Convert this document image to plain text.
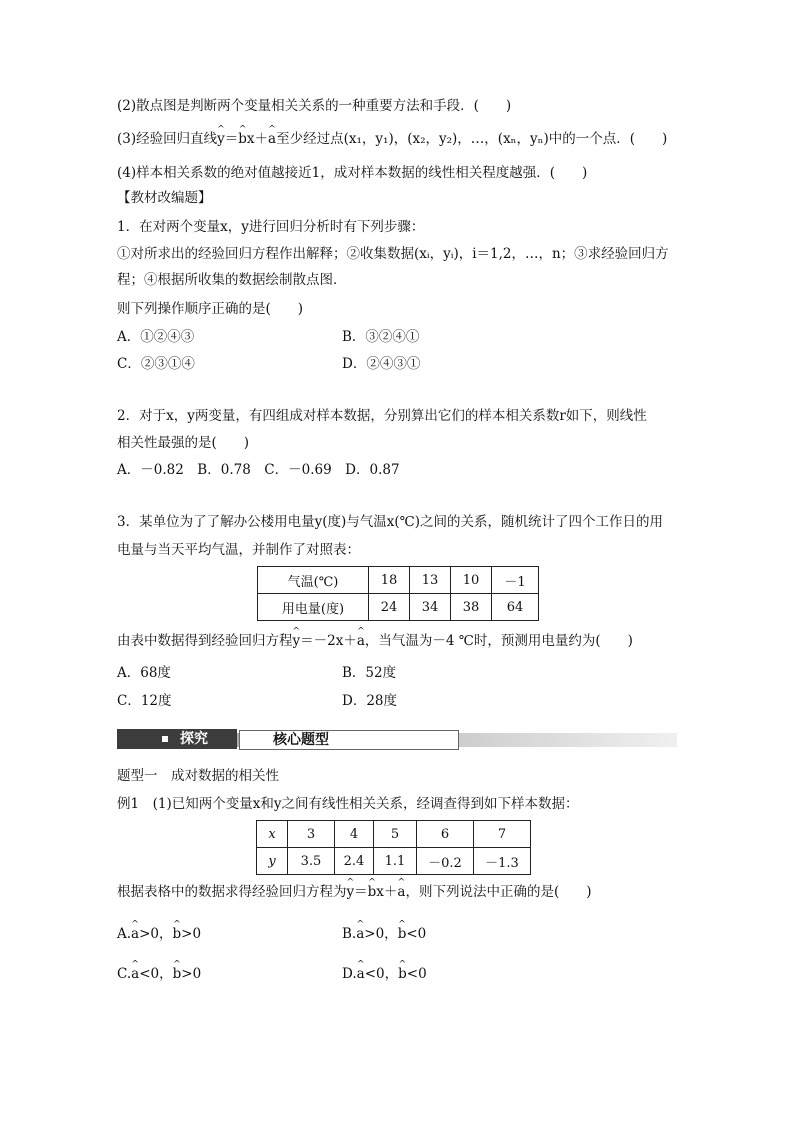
(2)散点图是判断两个变量相关关系的一种重要方法和手段．(　　)
(3)经验回归直线^ y＝^ bx＋^ a至少经过点(x₁，y₁)，(x₂，y₂)，…，(xₙ，yₙ)中的一个点．(　　)
(4)样本相关系数的绝对值越接近1，成对样本数据的线性相关程度越强．(　　)
【教材改编题】
1．在对两个变量x，y进行回归分析时有下列步骤：
①对所求出的经验回归方程作出解释；②收集数据(xᵢ，yᵢ)，i＝1,2，…，n；③求经验回归方
程；④根据所收集的数据绘制散点图．
则下列操作顺序正确的是(　　)
A．①②④③	B．③②④①
C．②③①④	D．②④③①
2．对于x，y两变量，有四组成对样本数据，分别算出它们的样本相关系数r如下，则线性
相关性最强的是(　　)
A．－0.82　B．0.78　C．－0.69　D．0.87
3．某单位为了了解办公楼用电量y(度)与气温x(℃)之间的关系，随机统计了四个工作日的用
电量与当天平均气温，并制作了对照表：
气温(℃)	18	13	10	－1
用电量(度)	24	34	38	64
由表中数据得到经验回归方程^ y＝－2x＋^ a，当气温为－4 ℃时，预测用电量约为(　　)
A．68度	B．52度
C．12度	D．28度
探究	核心题型
题型一　成对数据的相关性
例1　(1)已知两个变量x和y之间有线性相关关系，经调查得到如下样本数据：
x	3	4	5	6	7
y	3.5	2.4	1.1	－0.2	－1.3
根据表格中的数据求得经验回归方程为^ y＝^ bx＋^ a，则下列说法中正确的是(　　)
A.^ a>0，^ b>0	B.^ a>0，^ b<0
C.^ a<0，^ b>0	D.^ a<0，^ b<0
